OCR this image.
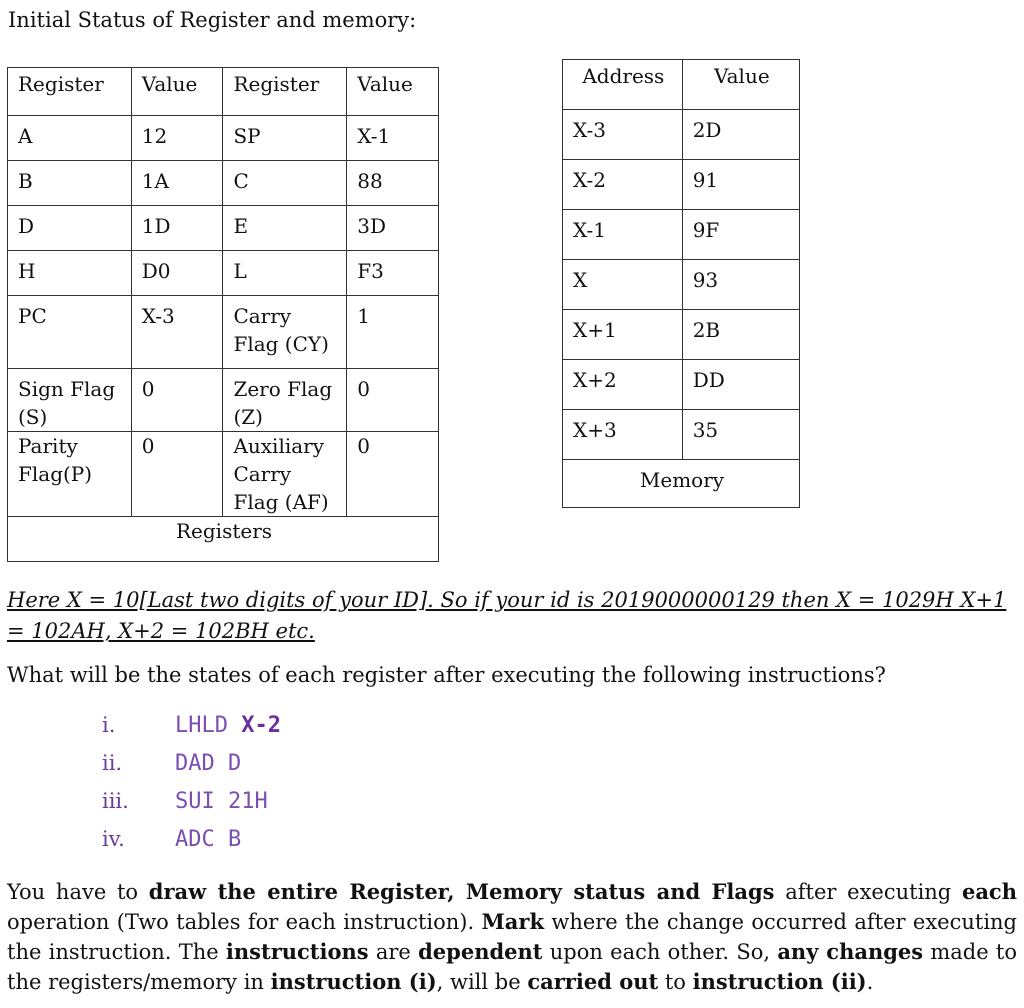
Initial Status of Register and memory:
Register	Value	Register	Value
A	12	SP	X-1
B	1A	C	88
D	1D	E	3D
H	D0	L	F3
PC	X-3	Carry Flag (CY)	1
Sign Flag (S)	0	Zero Flag (Z)	0
Parity Flag(P)	0	Auxiliary Carry Flag (AF)	0
Registers			
Address	Value
X-3	2D
X-2	91
X-1	9F
X	93
X+1	2B
X+2	DD
X+3	35
Memory	
Here X = 10[Last two digits of your ID]. So if your id is 2019000000129 then X = 1029H X+1 = 102AH, X+2 = 102BH etc.
What will be the states of each register after executing the following instructions?
i.	LHLD X-2
ii. DAD D
iii. SUI 21H
iv. ADC B
You have to draw the entire Register, Memory status and Flags after executing each operation (Two tables for each instruction). Mark where the change occurred after executing the instruction. The instructions are dependent upon each other. So, any changes made to the registers/memory in instruction (i), will be carried out to instruction (ii).
